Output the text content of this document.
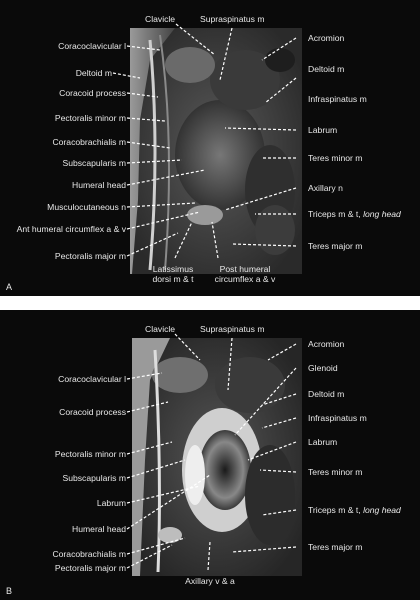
Coracoclavicular l
Deltoid m
Coracoid process
Pectoralis minor m
Coracobrachialis m
Subscapularis m
Humeral head
Musculocutaneous n
Ant humeral circumflex a & v
Pectoralis major m
Clavicle	Supraspinatus m
Acromion
Deltoid m
Infraspinatus m
Labrum
Teres minor m
Axillary n
Triceps m & t, long head
Teres major m
Latissimus
dorsi m & t
Post humeral
circumflex a & v
A
Coracoclavicular l
Coracoid process
Pectoralis minor m
Subscapularis m
Labrum
Humeral head
Coracobrachialis m
Pectoralis major m
Clavicle	Supraspinatus m
Acromion
Glenoid
Deltoid m
Infraspinatus m
Labrum
Teres minor m
Triceps m & t, long head
Teres major m
Axillary v & a
B
